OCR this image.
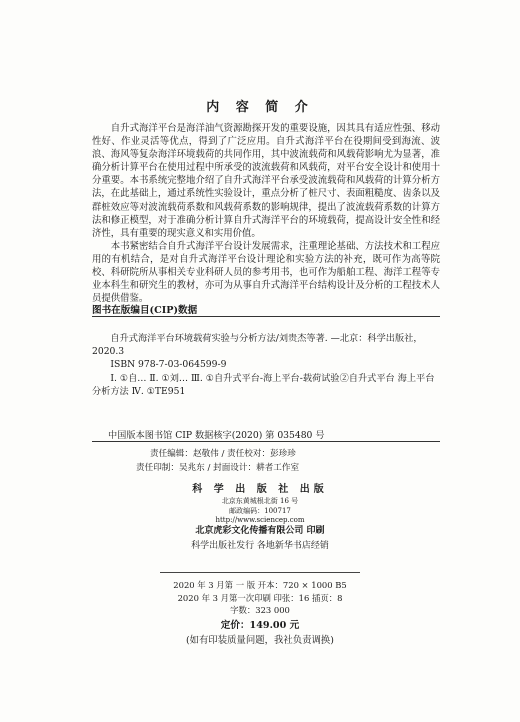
内 容 简 介

自升式海洋平台是海洋油气资源勘探开发的重要设施，因其具有适应性强、移动性好、作业灵活等优点，得到了广泛应用。自升式海洋平台在役期间受到海流、波浪、海风等复杂海洋环境载荷的共同作用，其中波流载荷和风载荷影响尤为显著，准确分析计算平台在使用过程中所承受的波流载荷和风载荷，对平台安全设计和使用十分重要。本书系统完整地介绍了自升式海洋平台承受波流载荷和风载荷的计算分析方法，在此基础上，通过系统性实验设计，重点分析了桩尺寸、表面粗糙度、齿条以及群桩效应等对波流载荷系数和风载荷系数的影响规律，提出了波流载荷系数的计算方法和修正模型，对于准确分析计算自升式海洋平台的环境载荷，提高设计安全性和经济性，具有重要的现实意义和实用价值。

本书紧密结合自升式海洋平台设计发展需求，注重理论基础、方法技术和工程应用的有机结合，是对自升式海洋平台设计理论和实验方法的补充，既可作为高等院校、科研院所从事相关专业科研人员的参考用书，也可作为船舶工程、海洋工程等专业本科生和研究生的教材，亦可为从事自升式海洋平台结构设计及分析的工程技术人员提供借鉴。

图书在版编目(CIP)数据
自升式海洋平台环境载荷实验与分析方法/刘贵杰等著. —北京：科学出版社，2020.3
ISBN 978-7-03-064599-9
Ⅰ. ①自… Ⅱ. ①刘… Ⅲ. ①自升式平台-海上平台-载荷试验②自升式平台 海上平台 分析方法 Ⅳ. ①TE951
中国版本图书馆 CIP 数据核字(2020) 第 035480 号
责任编辑：赵敬伟 / 责任校对：彭珍珍
责任印制：吴兆东 / 封面设计：耕者工作室
科 学 出 版 社 出版
北京东黄城根北街 16 号
邮政编码：100717
http://www.sciencep.com
北京虎彩文化传播有限公司 印刷
科学出版社发行 各地新华书店经销
2020 年 3 月第 一 版 开本：720 × 1000 B5
2020 年 3 月第一次印刷 印张：16 插页：8
字数：323 000
定价：149.00 元
(如有印装质量问题，我社负责调换)
